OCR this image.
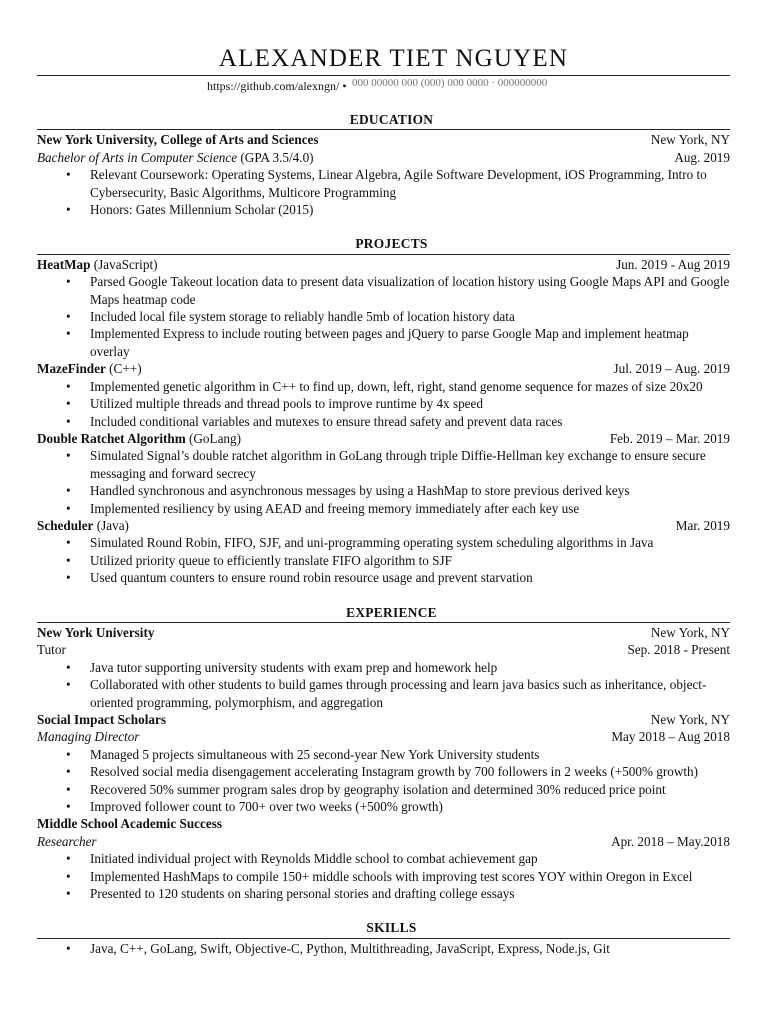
ALEXANDER TIET NGUYEN
https://github.com/alexngn/ • 000 00000 000 (000) 000 0000 · 000000000
EDUCATION
New York University, College of Arts and Sciences	New York, NY
Bachelor of Arts in Computer Science (GPA 3.5/4.0)	Aug. 2019
• Relevant Coursework: Operating Systems, Linear Algebra, Agile Software Development, iOS Programming, Intro to Cybersecurity, Basic Algorithms, Multicore Programming
• Honors: Gates Millennium Scholar (2015)
PROJECTS
HeatMap (JavaScript)	Jun. 2019 - Aug 2019
• Parsed Google Takeout location data to present data visualization of location history using Google Maps API and Google Maps heatmap code
• Included local file system storage to reliably handle 5mb of location history data
• Implemented Express to include routing between pages and jQuery to parse Google Map and implement heatmap overlay
MazeFinder (C++)	Jul. 2019 – Aug. 2019
• Implemented genetic algorithm in C++ to find up, down, left, right, stand genome sequence for mazes of size 20x20
• Utilized multiple threads and thread pools to improve runtime by 4x speed
• Included conditional variables and mutexes to ensure thread safety and prevent data races
Double Ratchet Algorithm (GoLang)	Feb. 2019 – Mar. 2019
• Simulated Signal’s double ratchet algorithm in GoLang through triple Diffie-Hellman key exchange to ensure secure messaging and forward secrecy
• Handled synchronous and asynchronous messages by using a HashMap to store previous derived keys
• Implemented resiliency by using AEAD and freeing memory immediately after each key use
Scheduler (Java)	Mar. 2019
• Simulated Round Robin, FIFO, SJF, and uni-programming operating system scheduling algorithms in Java
• Utilized priority queue to efficiently translate FIFO algorithm to SJF
• Used quantum counters to ensure round robin resource usage and prevent starvation
EXPERIENCE
New York University	New York, NY
Tutor	Sep. 2018 - Present
• Java tutor supporting university students with exam prep and homework help
• Collaborated with other students to build games through processing and learn java basics such as inheritance, object-oriented programming, polymorphism, and aggregation
Social Impact Scholars	New York, NY
Managing Director	May 2018 – Aug 2018
• Managed 5 projects simultaneous with 25 second-year New York University students
• Resolved social media disengagement accelerating Instagram growth by 700 followers in 2 weeks (+500% growth)
• Recovered 50% summer program sales drop by geography isolation and determined 30% reduced price point
• Improved follower count to 700+ over two weeks (+500% growth)
Middle School Academic Success
Researcher	Apr. 2018 – May.2018
• Initiated individual project with Reynolds Middle school to combat achievement gap
• Implemented HashMaps to compile 150+ middle schools with improving test scores YOY within Oregon in Excel
• Presented to 120 students on sharing personal stories and drafting college essays
SKILLS
• Java, C++, GoLang, Swift, Objective-C, Python, Multithreading, JavaScript, Express, Node.js, Git
